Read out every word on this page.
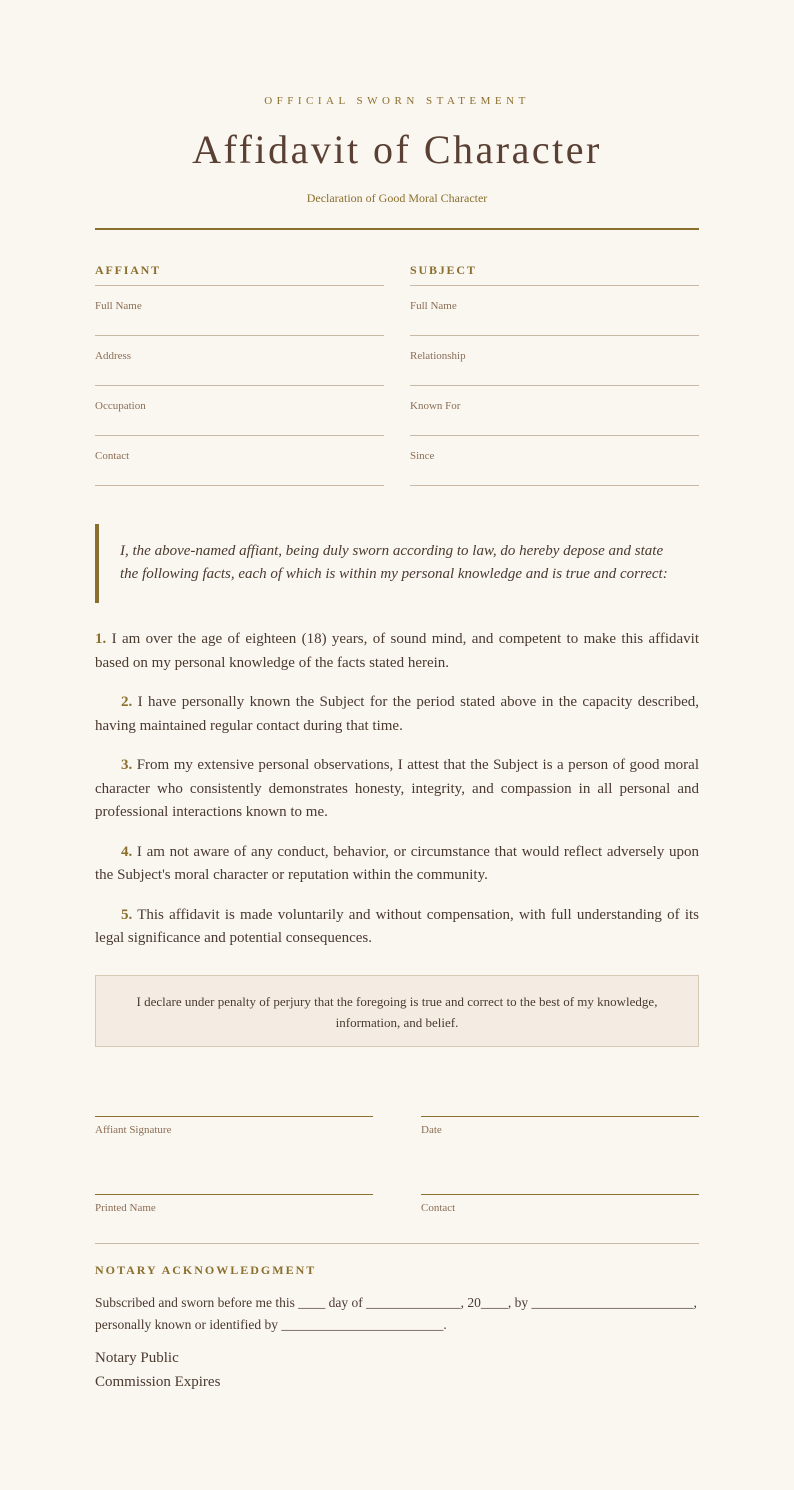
OFFICIAL SWORN STATEMENT
Affidavit of Character
Declaration of Good Moral Character
AFFIANT
Full Name
Address
Occupation
Contact
SUBJECT
Full Name
Relationship
Known For
Since

I, the above-named affiant, being duly sworn according to law, do hereby depose and state the following facts, each of which is within my personal knowledge and is true and correct:

1. I am over the age of eighteen (18) years, of sound mind, and competent to make this affidavit based on my personal knowledge of the facts stated herein.

2. I have personally known the Subject for the period stated above in the capacity described, having maintained regular contact during that time.

3. From my extensive personal observations, I attest that the Subject is a person of good moral character who consistently demonstrates honesty, integrity, and compassion in all personal and professional interactions known to me.

4. I am not aware of any conduct, behavior, or circumstance that would reflect adversely upon the Subject's moral character or reputation within the community.

5. This affidavit is made voluntarily and without compensation, with full understanding of its legal significance and potential consequences.

I declare under penalty of perjury that the foregoing is true and correct to the best of my knowledge, information, and belief.
Affiant Signature	Date
Printed Name	Contact
NOTARY ACKNOWLEDGMENT
Subscribed and sworn before me this ____ day of ______________, 20____, by ________________________, personally known or identified by ________________________.
Notary Public
Commission Expires
